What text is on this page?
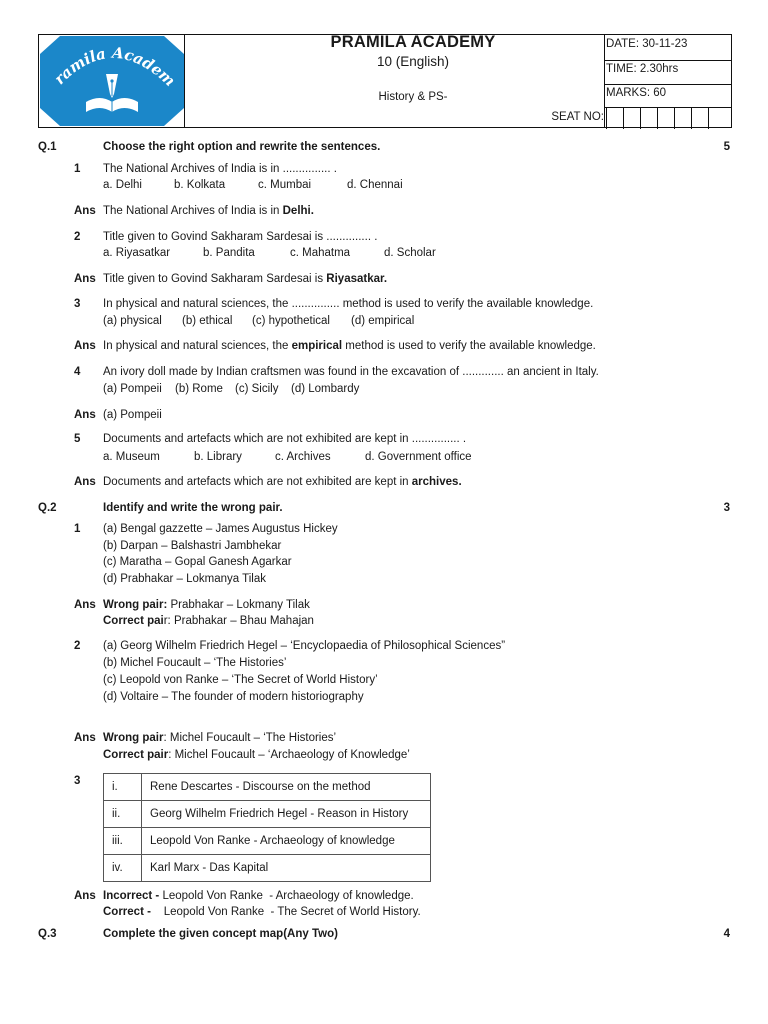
ramila Academ
PRAMILA ACADEMY
10 (English)
History & PS-
SEAT NO:
DATE: 30-11-23
TIME: 2.30hrs
MARKS: 60
Q.1	Choose the right option and rewrite the sentences.	5
1 The National Archives of India is in ............... .
a. Delhi	b. Kolkata	c. Mumbai	d. Chennai
Ans The National Archives of India is in Delhi.
2 Title given to Govind Sakharam Sardesai is .............. .
a. Riyasatkar	b. Pandita	c. Mahatma	d. Scholar
Ans Title given to Govind Sakharam Sardesai is Riyasatkar.
3 In physical and natural sciences, the ............... method is used to verify the available knowledge.
(a) physical (b) ethical (c) hypothetical (d) empirical
Ans In physical and natural sciences, the empirical method is used to verify the available knowledge.
4 An ivory doll made by Indian craftsmen was found in the excavation of ............. an ancient in Italy.
(a) Pompeii (b) Rome (c) Sicily (d) Lombardy
Ans (a) Pompeii
5 Documents and artefacts which are not exhibited are kept in ............... .
a. Museum	b. Library	c. Archives	d. Government office
Ans Documents and artefacts which are not exhibited are kept in archives.
Q.2	Identify and write the wrong pair.	3
1 (a) Bengal gazzette – James Augustus Hickey
(b) Darpan – Balshastri Jambhekar
(c) Maratha – Gopal Ganesh Agarkar
(d) Prabhakar – Lokmanya Tilak
Ans Wrong pair: Prabhakar – Lokmany Tilak
Correct pair: Prabhakar – Bhau Mahajan
2 (a) Georg Wilhelm Friedrich Hegel – ‘Encyclopaedia of Philosophical Sciences”
(b) Michel Foucault – ‘The Histories’
(c) Leopold von Ranke – ‘The Secret of World History’
(d) Voltaire – The founder of modern historiography
Ans Wrong pair: Michel Foucault – ‘The Histories’
Correct pair: Michel Foucault – ‘Archaeology of Knowledge’
3	i.	Rene Descartes - Discourse on the method
ii.	Georg Wilhelm Friedrich Hegel - Reason in History
iii.	Leopold Von Ranke - Archaeology of knowledge
iv.	Karl Marx - Das Kapital
Ans Incorrect - Leopold Von Ranke  - Archaeology of knowledge.
Correct -    Leopold Von Ranke  - The Secret of World History.
Q.3	Complete the given concept map(Any Two)	4
